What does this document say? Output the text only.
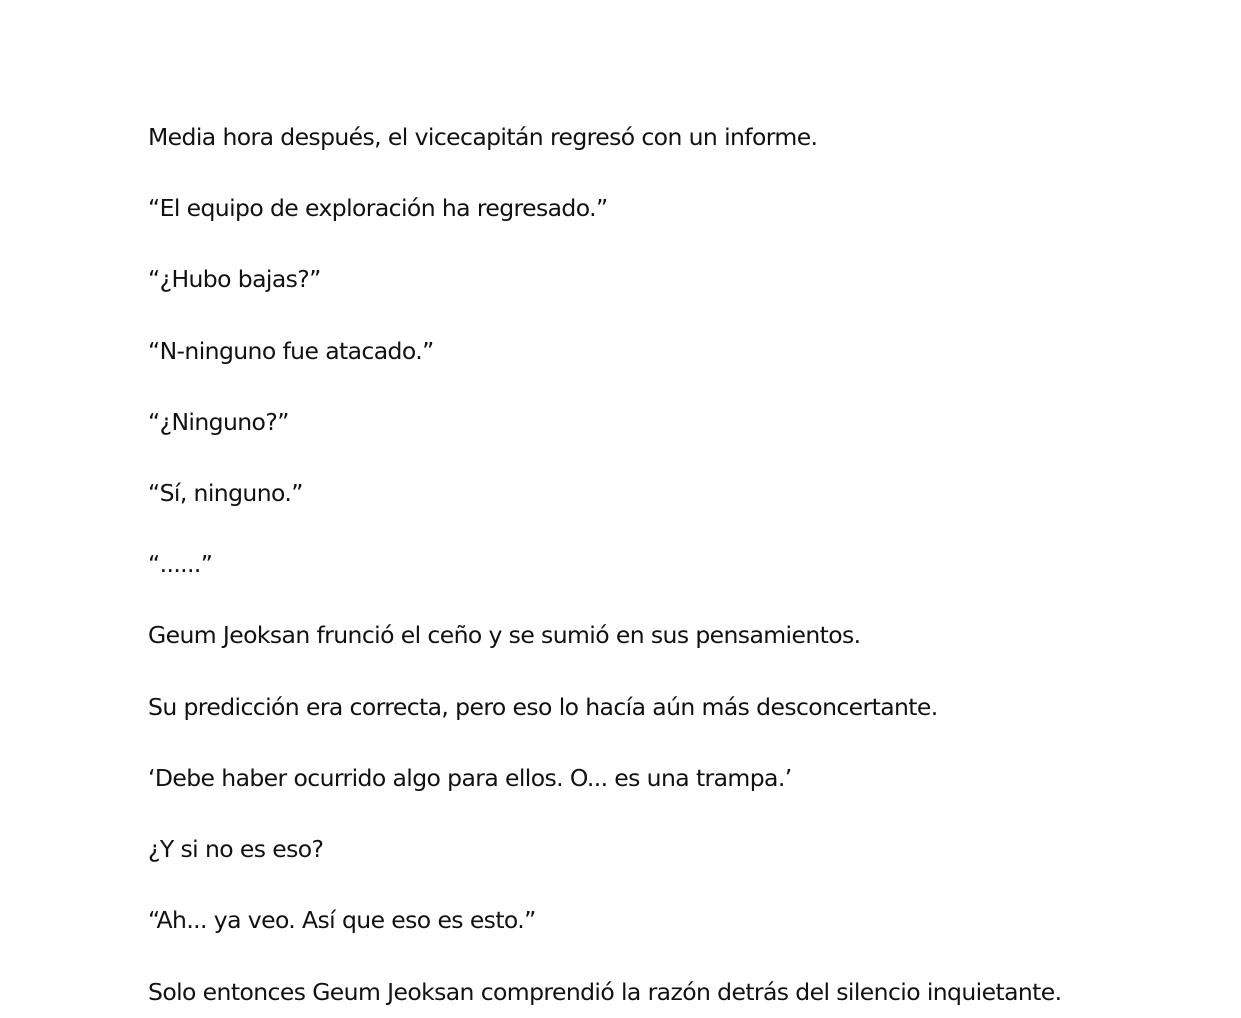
Media hora después, el vicecapitán regresó con un informe.

“El equipo de exploración ha regresado.”

“¿Hubo bajas?”

“N-ninguno fue atacado.”

“¿Ninguno?”

“Sí, ninguno.”

“......”

Geum Jeoksan frunció el ceño y se sumió en sus pensamientos.

Su predicción era correcta, pero eso lo hacía aún más desconcertante.

‘Debe haber ocurrido algo para ellos. O... es una trampa.’

¿Y si no es eso?

“Ah... ya veo. Así que eso es esto.”

Solo entonces Geum Jeoksan comprendió la razón detrás del silencio inquietante.
